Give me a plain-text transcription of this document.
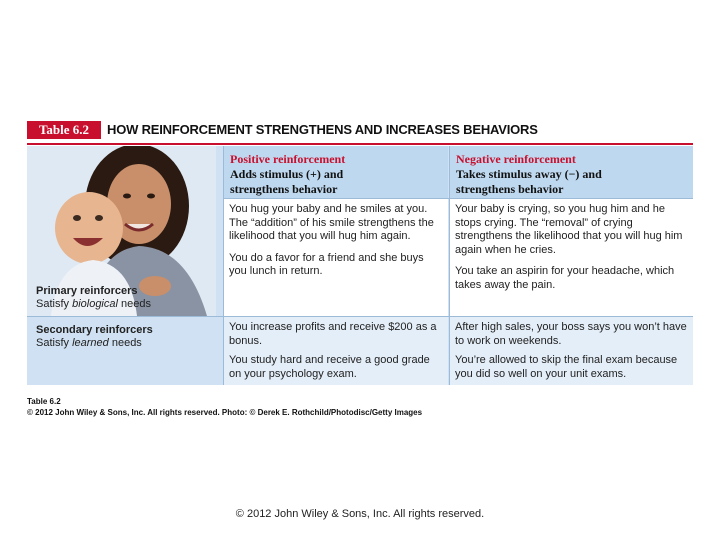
Table 6.2	HOW REINFORCEMENT STRENGTHENS AND INCREASES BEHAVIORS
Primary reinforcers
Satisfy biological needs
Secondary reinforcers
Satisfy learned needs
Positive reinforcement
Adds stimulus (+) and
strengthens behavior
Negative reinforcement
Takes stimulus away (−) and
strengthens behavior

You hug your baby and he smiles at you. The “addition” of his smile strengthens the likelihood that you will hug him again.

You do a favor for a friend and she buys you lunch in return.

Your baby is crying, so you hug him and he stops crying. The “removal” of crying strengthens the likelihood that you will hug him again when he cries.

You take an aspirin for your headache, which takes away the pain.

You increase profits and receive $200 as a bonus.

You study hard and receive a good grade on your psychology exam.

After high sales, your boss says you won’t have to work on weekends.

You’re allowed to skip the final exam because you did so well on your unit exams.

Table 6.2
© 2012 John Wiley & Sons, Inc. All rights reserved. Photo: © Derek E. Rothchild/Photodisc/Getty Images
© 2012 John Wiley & Sons, Inc. All rights reserved.
